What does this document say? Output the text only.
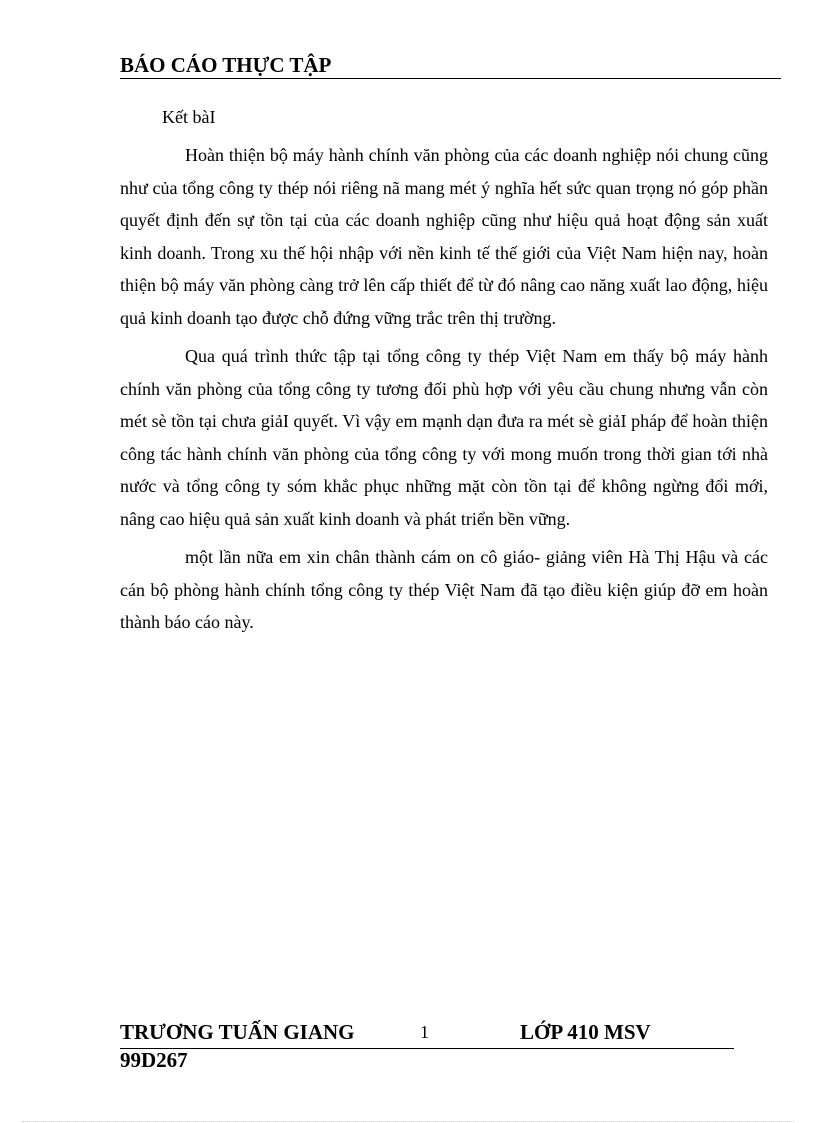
BÁO CÁO THỰC TẬP
Kết bàI

Hoàn thiện bộ máy hành chính văn phòng của các doanh nghiệp nói chung cũng như của tổng công ty thép nói riêng nã mang mét ý nghĩa hết sức quan trọng nó góp phần quyết định đến sự tồn tại của các doanh nghiệp cũng như hiệu quả hoạt động sản xuất kinh doanh. Trong xu thế hội nhập với nền kinh tế thế giới của Việt Nam hiện nay, hoàn thiện bộ máy văn phòng càng trở lên cấp thiết để từ đó nâng cao năng xuất lao động, hiệu quả kinh doanh tạo được chỗ đứng vững trắc trên thị trường.

Qua quá trình thức tập tại tổng công ty thép Việt Nam em thấy bộ máy hành chính văn phòng của tổng công ty tương đối phù hợp với yêu cầu chung nhưng vẫn còn mét sè tồn tại chưa giảI quyết. Vì vậy em mạnh dạn đưa ra mét sè giảI pháp để hoàn thiện công tác hành chính văn phòng của tổng công ty với mong muốn trong thời gian tới nhà nước và tổng công ty sóm khắc phục những mặt còn tồn tại để không ngừng đổi mới, nâng cao hiệu quả sản xuất kinh doanh và phát triển bền vững.

một lần nữa em xin chân thành cám on cô giáo- giảng viên Hà Thị Hậu và các cán bộ phòng hành chính tổng công ty thép Việt Nam đã tạo điều kiện giúp đỡ em hoàn thành báo cáo này.

TRƯƠNG TUẤN GIANG	1	LỚP 410 MSV
99D267
